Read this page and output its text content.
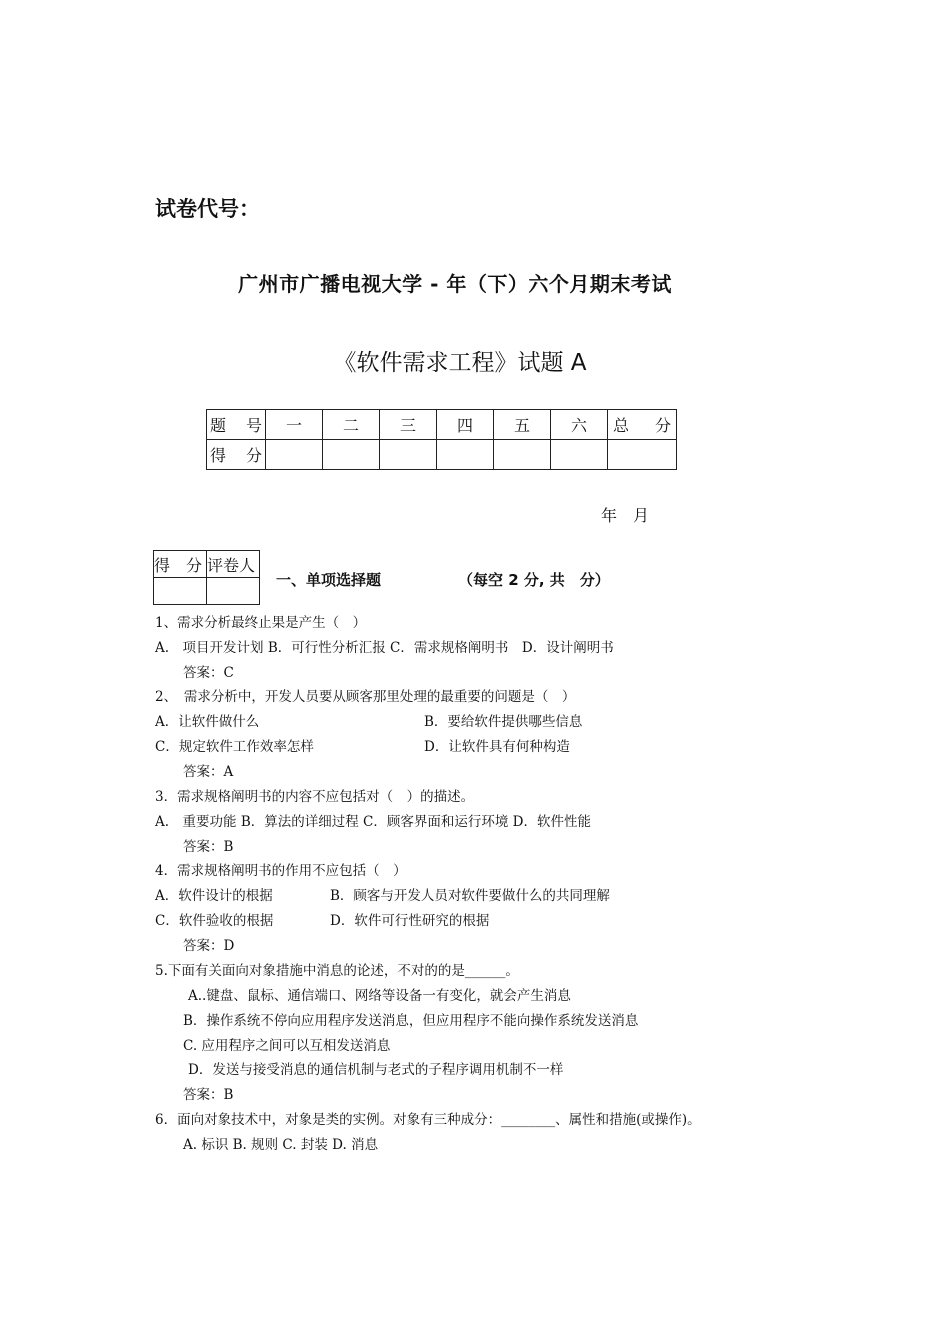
试卷代号：
广州市广播电视大学 - 年（下）六个月期末考试
《软件需求工程》试题 A
题　号	一	二	三	四	五	六	总　分
得　分							
年　月
得　分	评卷人

一、单项选择题	（每空 2 分, 共　分）
1、需求分析最终止果是产生（　）
A.　项目开发计划 B．可行性分析汇报 C．需求规格阐明书　D．设计阐明书
答案：C
2、　需求分析中，开发人员要从顾客那里处理的最重要的问题是（　）
A．让软件做什么	B．要给软件提供哪些信息
C．规定软件工作效率怎样	D．让软件具有何种构造
答案：A
3．需求规格阐明书的内容不应包括对（　）的描述。
A.　重要功能 B．算法的详细过程 C．顾客界面和运行环境 D．软件性能
答案：B
4．需求规格阐明书的作用不应包括（　）
A．软件设计的根据	B．顾客与开发人员对软件要做什么的共同理解
C．软件验收的根据	D．软件可行性研究的根据
答案：D
5.下面有关面向对象措施中消息的论述，不对的的是______。
A..键盘、鼠标、通信端口、网络等设备一有变化，就会产生消息
B．操作系统不停向应用程序发送消息，但应用程序不能向操作系统发送消息
C. 应用程序之间可以互相发送消息
D．发送与接受消息的通信机制与老式的子程序调用机制不一样
答案：B
6．面向对象技术中，对象是类的实例。对象有三种成分：________、属性和措施(或操作)。
A. 标识 B. 规则 C. 封装 D. 消息
